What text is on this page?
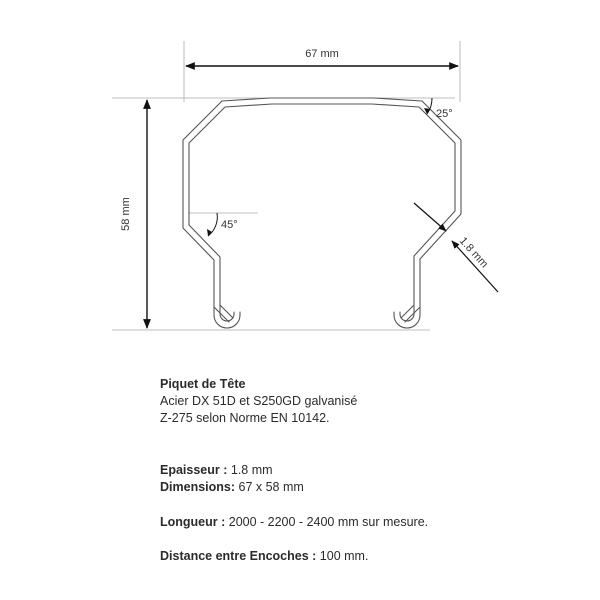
67 mm
58 mm
25°
45°
1.8 mm
Piquet de Tête
Acier DX 51D et S250GD galvanisé
Z-275 selon Norme EN 10142.
Epaisseur : 1.8 mm
Dimensions: 67 x 58 mm
Longueur : 2000 - 2200 - 2400 mm sur mesure.
Distance entre Encoches : 100 mm.
